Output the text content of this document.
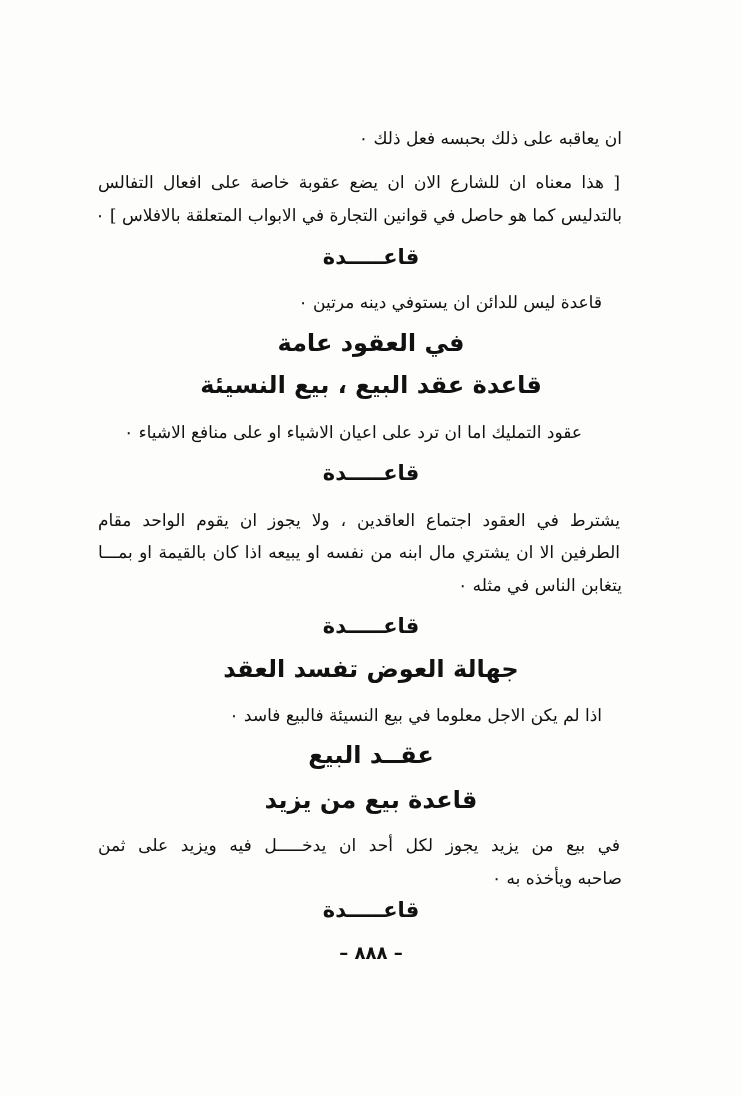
ان يعاقبه على ذلك بحبسه فعل ذلك ٠
[ هذا معناه ان للشارع الان ان يضع عقوبة خاصة على افعال التفالس
بالتدليس كما هو حاصل في قوانين التجارة في الابواب المتعلقة بالافلاس ] ٠
قاعـــــدة
قاعدة ليس للدائن ان يستوفي دينه مرتين ٠
في العقود عامة
قاعدة عقد البيع ، بيع النسيئة
عقود التمليك اما ان ترد على اعيان الاشياء او على منافع الاشياء ٠
قاعـــــدة
يشترط في العقود اجتماع العاقدين ، ولا يجوز ان يقوم الواحد مقام
الطرفين الا ان يشتري مال ابنه من نفسه او يبيعه اذا كان بالقيمة او بمـــا
يتغابن الناس في مثله ٠
قاعـــــدة
جهالة العوض تفسد العقد
اذا لم يكن الاجل معلوما في بيع النسيئة فالبيع فاسد ٠
عقــد البيع
قاعدة بيع من يزيد
في بيع من يزيد يجوز لكل أحد ان يدخـــــل فيه ويزيد على ثمن
صاحبه ويأخذه به ٠
قاعـــــدة
– ٨٨٨ –
